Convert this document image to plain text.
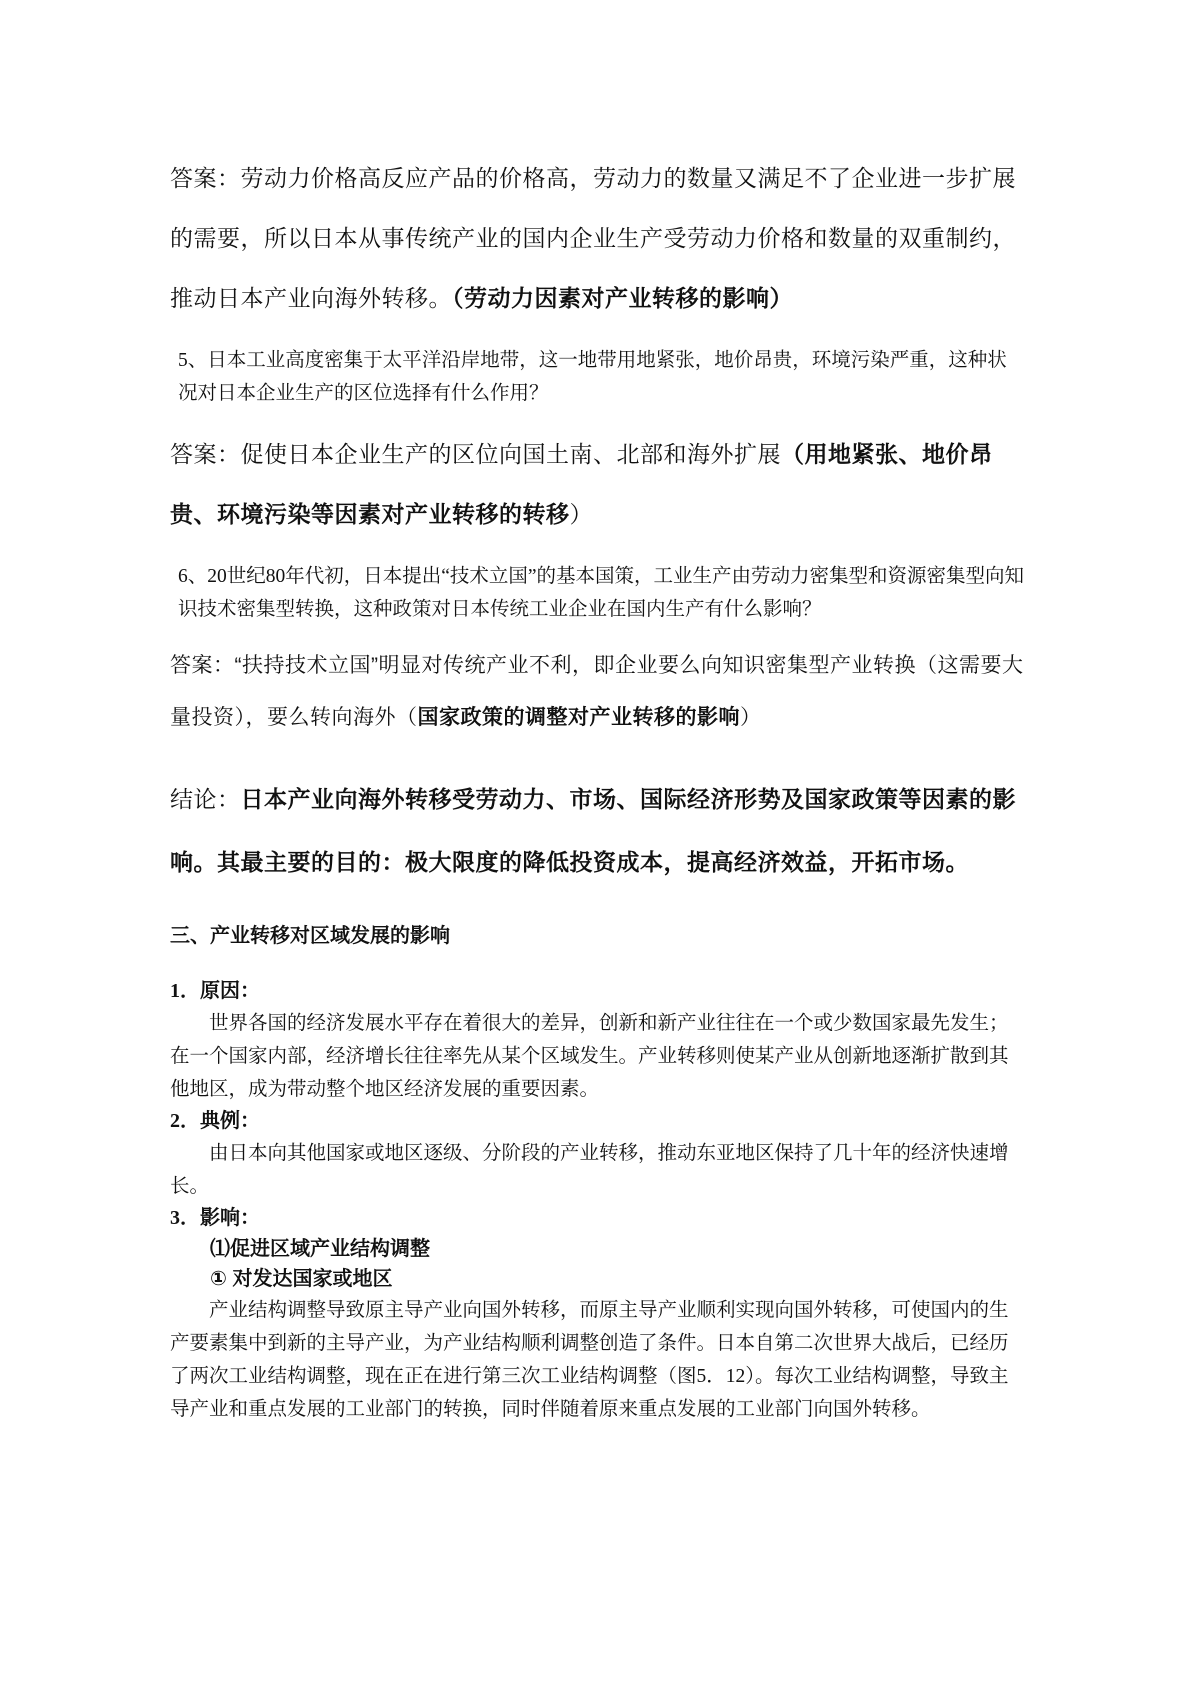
答案：劳动力价格高反应产品的价格高，劳动力的数量又满足不了企业进一步扩展的需要，所以日本从事传统产业的国内企业生产受劳动力价格和数量的双重制约，推动日本产业向海外转移。（劳动力因素对产业转移的影响）

5、日本工业高度密集于太平洋沿岸地带，这一地带用地紧张，地价昂贵，环境污染严重，这种状况对日本企业生产的区位选择有什么作用？

答案：促使日本企业生产的区位向国土南、北部和海外扩展（用地紧张、地价昂贵、环境污染等因素对产业转移的转移）

6、20世纪80年代初，日本提出“技术立国”的基本国策，工业生产由劳动力密集型和资源密集型向知识技术密集型转换，这种政策对日本传统工业企业在国内生产有什么影响？

答案：“扶持技术立国”明显对传统产业不利，即企业要么向知识密集型产业转换（这需要大量投资），要么转向海外（国家政策的调整对产业转移的影响）

结论：日本产业向海外转移受劳动力、市场、国际经济形势及国家政策等因素的影响。其最主要的目的：极大限度的降低投资成本，提高经济效益，开拓市场。

三、产业转移对区域发展的影响

1．原因：

世界各国的经济发展水平存在着很大的差异，创新和新产业往往在一个或少数国家最先发生；在一个国家内部，经济增长往往率先从某个区域发生。产业转移则使某产业从创新地逐渐扩散到其他地区，成为带动整个地区经济发展的重要因素。

2．典例：

由日本向其他国家或地区逐级、分阶段的产业转移，推动东亚地区保持了几十年的经济快速增长。

3．影响：

⑴促进区域产业结构调整

① 对发达国家或地区

产业结构调整导致原主导产业向国外转移，而原主导产业顺利实现向国外转移，可使国内的生产要素集中到新的主导产业，为产业结构顺利调整创造了条件。日本自第二次世界大战后，已经历了两次工业结构调整，现在正在进行第三次工业结构调整（图5．12）。每次工业结构调整，导致主导产业和重点发展的工业部门的转换，同时伴随着原来重点发展的工业部门向国外转移。
